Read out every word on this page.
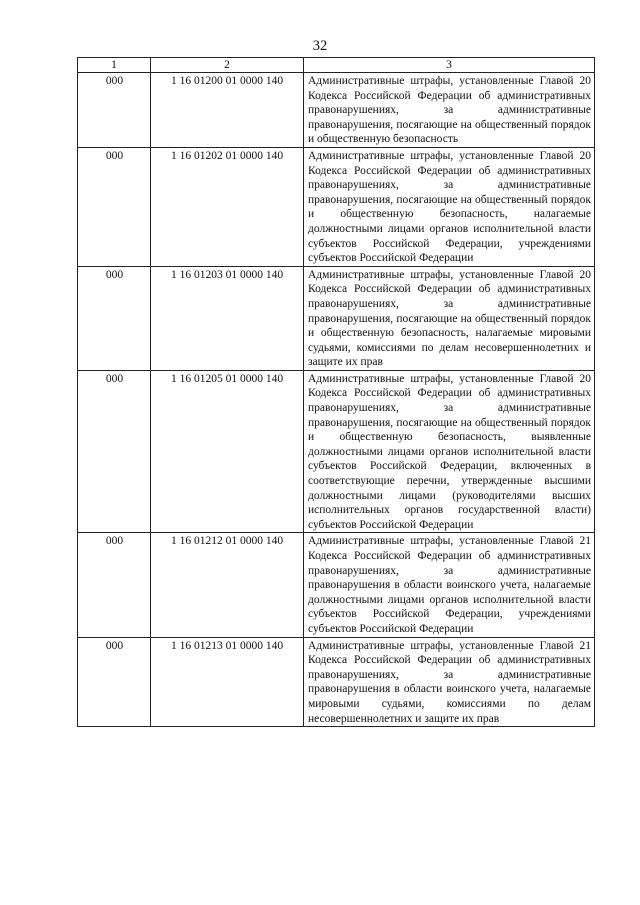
32
1	2	3
000	1 16 01200 01 0000 140	Административные штрафы, установленные Главой 20 Кодекса Российской Федерации об административных правонарушениях, за административные правонарушения, посягающие на общественный порядок и общественную безопасность
000	1 16 01202 01 0000 140	Административные штрафы, установленные Главой 20 Кодекса Российской Федерации об административных правонарушениях, за административные правонарушения, посягающие на общественный порядок и общественную безопасность, налагаемые должностными лицами органов исполнительной власти субъектов Российской Федерации, учреждениями субъектов Российской Федерации
000	1 16 01203 01 0000 140	Административные штрафы, установленные Главой 20 Кодекса Российской Федерации об административных правонарушениях, за административные правонарушения, посягающие на общественный порядок и общественную безопасность, налагаемые мировыми судьями, комиссиями по делам несовершеннолетних и защите их прав
000	1 16 01205 01 0000 140	Административные штрафы, установленные Главой 20 Кодекса Российской Федерации об административных правонарушениях, за административные правонарушения, посягающие на общественный порядок и общественную безопасность, выявленные должностными лицами органов исполнительной власти субъектов Российской Федерации, включенных в соответствующие перечни, утвержденные высшими должностными лицами (руководителями высших исполнительных органов государственной власти) субъектов Российской Федерации
000	1 16 01212 01 0000 140	Административные штрафы, установленные Главой 21 Кодекса Российской Федерации об административных правонарушениях, за административные правонарушения в области воинского учета, налагаемые должностными лицами органов исполнительной власти субъектов Российской Федерации, учреждениями субъектов Российской Федерации
000	1 16 01213 01 0000 140	Административные штрафы, установленные Главой 21 Кодекса Российской Федерации об административных правонарушениях, за административные правонарушения в области воинского учета, налагаемые мировыми судьями, комиссиями по делам несовершеннолетних и защите их прав
